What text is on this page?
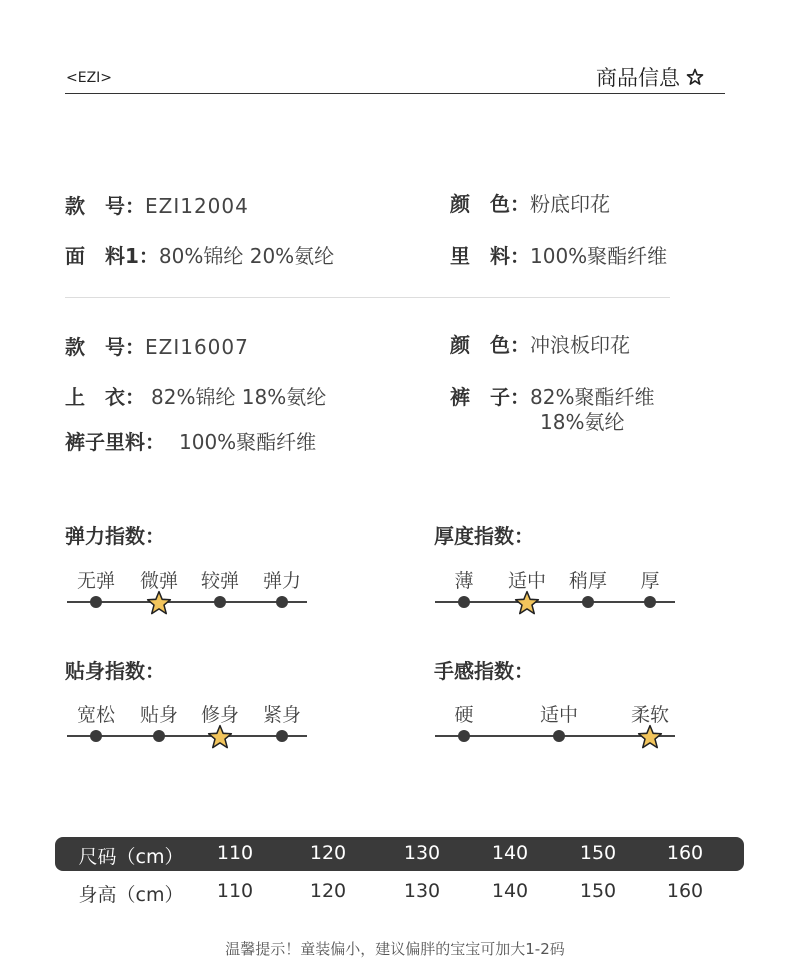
<EZI>	商品信息
款　号： EZI12004	颜　色： 粉底印花
面　料1： 80%锦纶 20%氨纶	里　料： 100%聚酯纤维
款　号： EZI16007	颜　色： 冲浪板印花
上　衣： 82%锦纶 18%氨纶	裤　子： 82%聚酯纤维
18%氨纶
裤子里料： 100%聚酯纤维
弹力指数：
无弹 微弹 较弹 弹力
厚度指数：
薄 适中 稍厚 厚
贴身指数：
宽松 贴身 修身 紧身
手感指数：
硬	适中	柔软
尺码（cm） 110	120	130	140	150	160
身高（cm） 110	120	130	140	150	160
温馨提示！童装偏小，建议偏胖的宝宝可加大1-2码
